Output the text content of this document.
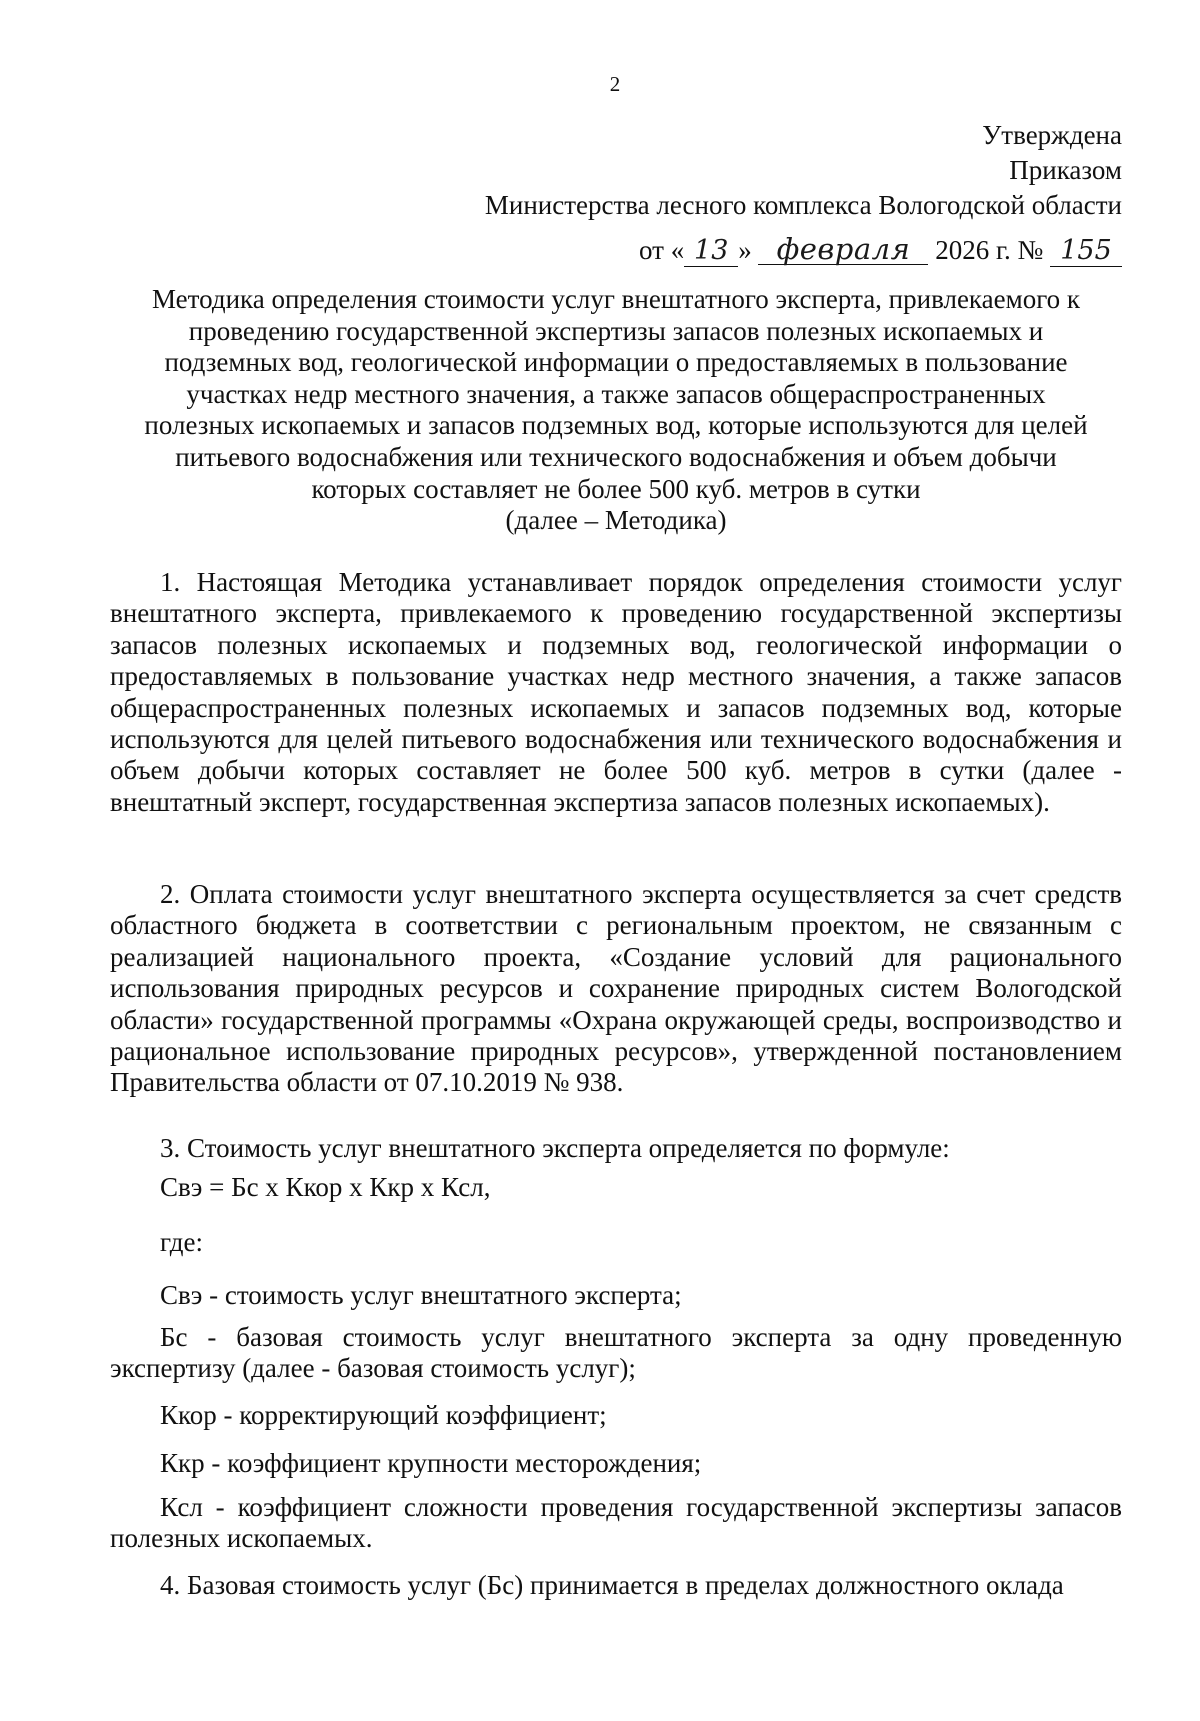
2
Утверждена
Приказом
Министерства лесного комплекса Вологодской области
от « 13 » февраля 2026 г. № 155
Методика определения стоимости услуг внештатного эксперта, привлекаемого к
проведению государственной экспертизы запасов полезных ископаемых и
подземных вод, геологической информации о предоставляемых в пользование
участках недр местного значения, а также запасов общераспространенных
полезных ископаемых и запасов подземных вод, которые используются для целей
питьевого водоснабжения или технического водоснабжения и объем добычи
которых составляет не более 500 куб. метров в сутки
(далее – Методика)

1. Настоящая Методика устанавливает порядок определения стоимости услуг внештатного эксперта, привлекаемого к проведению государственной экспертизы запасов полезных ископаемых и подземных вод, геологической информации о предоставляемых в пользование участках недр местного значения, а также запасов общераспространенных полезных ископаемых и запасов подземных вод, которые используются для целей питьевого водоснабжения или технического водоснабжения и объем добычи которых составляет не более 500 куб. метров в сутки (далее - внештатный эксперт, государственная экспертиза запасов полезных ископаемых).

2. Оплата стоимости услуг внештатного эксперта осуществляется за счет средств областного бюджета в соответствии с региональным проектом, не связанным с реализацией национального проекта, «Создание условий для рационального использования природных ресурсов и сохранение природных систем Вологодской области» государственной программы «Охрана окружающей среды, воспроизводство и рациональное использование природных ресурсов», утвержденной постановлением Правительства области от 07.10.2019 № 938.

3. Стоимость услуг внештатного эксперта определяется по формуле:

Свэ = Бс х Ккор х Ккр х Ксл,
где:

Свэ - стоимость услуг внештатного эксперта;

Бс - базовая стоимость услуг внештатного эксперта за одну проведенную экспертизу (далее - базовая стоимость услуг);

Ккор - корректирующий коэффициент;

Ккр - коэффициент крупности месторождения;

Ксл - коэффициент сложности проведения государственной экспертизы запасов полезных ископаемых.

4. Базовая стоимость услуг (Бс) принимается в пределах должностного оклада
